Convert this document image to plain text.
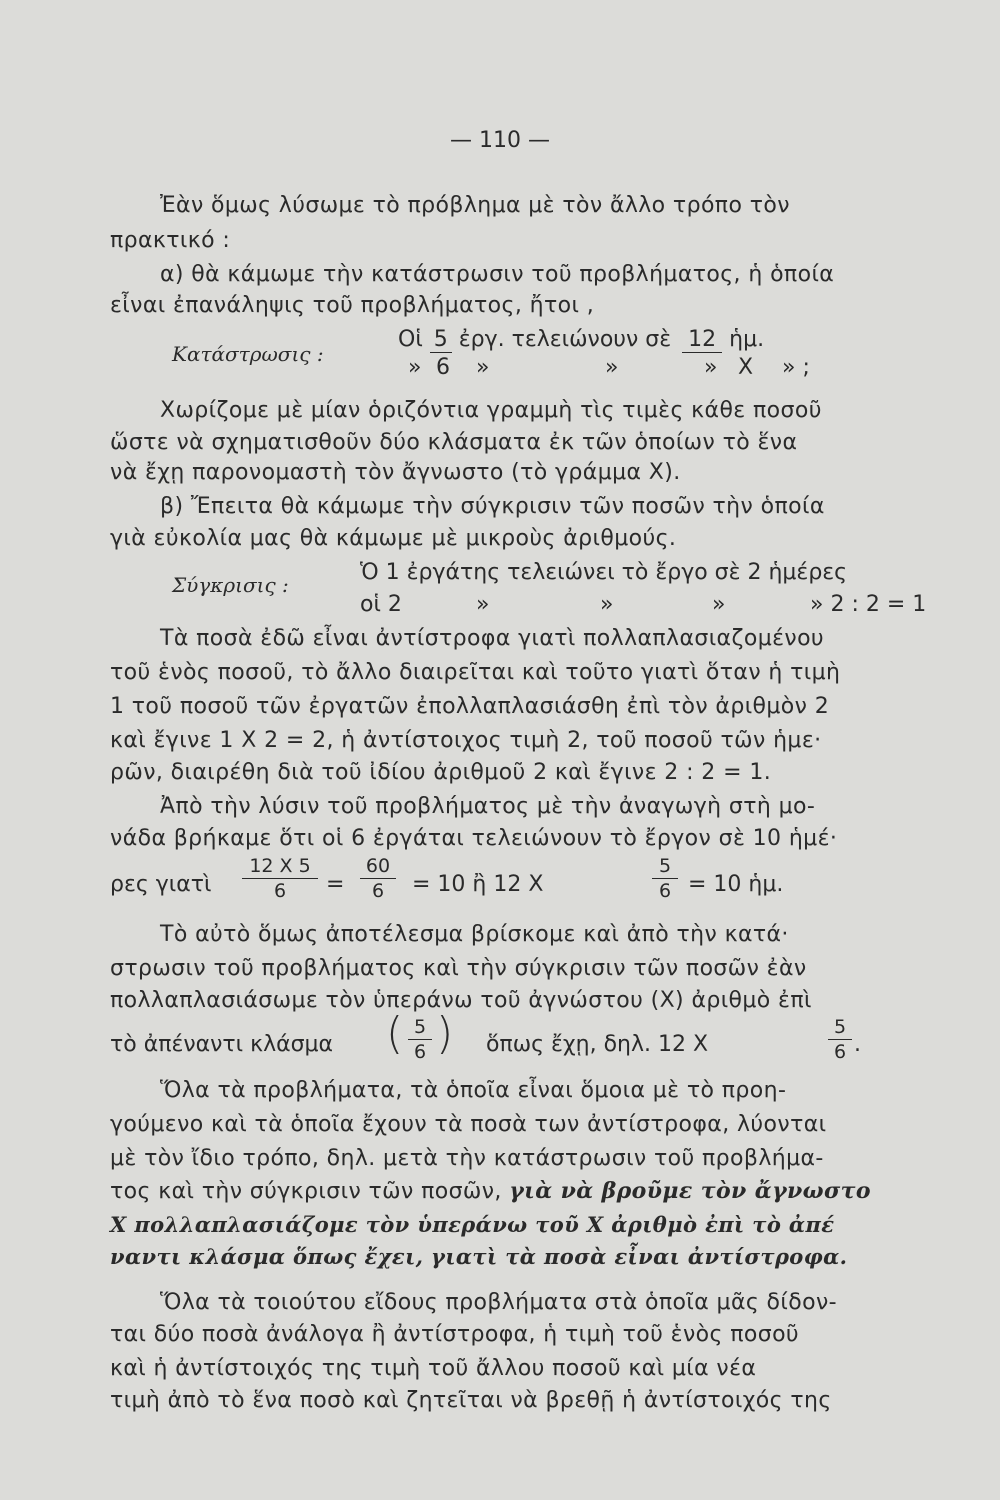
— 110 —
Ἐὰν ὅμως λύσωμε τὸ πρόβλημα μὲ τὸν ἄλλο τρόπο τὸν
πρακτικό :
α) θὰ κάμωμε τὴν κατάστρωσιν τοῦ προβλήματος, ἡ ὁποία
εἶναι ἐπανάληψις τοῦ προβλήματος, ἤτοι ,
Κατάστρωσις :
Οἱ 5 ἐργ. τελειώνουν σὲ 12 ἡμ.
» 6 »	»	» Χ » ;
Χωρίζομε μὲ μίαν ὁριζόντια γραμμὴ τὶς τιμὲς κάθε ποσοῦ
ὥστε νὰ σχηματισθοῦν δύο κλάσματα ἐκ τῶν ὁποίων τὸ ἕνα
νὰ ἔχῃ παρονομαστὴ τὸν ἄγνωστο (τὸ γράμμα Χ).
β) Ἔπειτα θὰ κάμωμε τὴν σύγκρισιν τῶν ποσῶν τὴν ὁποία
γιὰ εὐκολία μας θὰ κάμωμε μὲ μικροὺς ἀριθμούς.
Σύγκρισις :	Ὁ 1 ἐργάτης τελειώνει τὸ ἔργο σὲ 2 ἡμέρες
οἱ 2	»	»	»	» 2 : 2 = 1
Τὰ ποσὰ ἐδῶ εἶναι ἀντίστροφα γιατὶ πολλαπλασιαζομένου
τοῦ ἑνὸς ποσοῦ, τὸ ἄλλο διαιρεῖται καὶ τοῦτο γιατὶ ὅταν ἡ τιμὴ
1 τοῦ ποσοῦ τῶν ἐργατῶν ἐπολλαπλασιάσθη ἐπὶ τὸν ἀριθμὸν 2
καὶ ἔγινε 1 Χ 2 = 2, ἡ ἀντίστοιχος τιμὴ 2, τοῦ ποσοῦ τῶν ἡμε·
ρῶν, διαιρέθη διὰ τοῦ ἰδίου ἀριθμοῦ 2 καὶ ἔγινε 2 : 2 = 1.
Ἀπὸ τὴν λύσιν τοῦ προβλήματος μὲ τὴν ἀναγωγὴ στὴ μο-
νάδα βρήκαμε ὅτι οἱ 6 ἐργάται τελειώνουν τὸ ἔργον σὲ 10 ἡμέ·
ρες γιατὶ
12 Χ 5
6	=
60
6	= 10 ἢ 12 Χ
5
6 = 10 ἡμ.
Τὸ αὐτὸ ὅμως ἀποτέλεσμα βρίσκομε καὶ ἀπὸ τὴν κατά·
στρωσιν τοῦ προβλήματος καὶ τὴν σύγκρισιν τῶν ποσῶν ἐὰν
πολλαπλασιάσωμε τὸν ὑπεράνω τοῦ ἀγνώστου (Χ) ἀριθμὸ ἐπὶ
τὸ ἀπέναντι κλάσμα ( 5
6 ) ὅπως ἔχῃ, δηλ. 12 Χ
5
6 .
Ὅλα τὰ προβλήματα, τὰ ὁποῖα εἶναι ὅμοια μὲ τὸ προη-
γούμενο καὶ τὰ ὁποῖα ἔχουν τὰ ποσὰ των ἀντίστροφα, λύονται
μὲ τὸν ἴδιο τρόπο, δηλ. μετὰ τὴν κατάστρωσιν τοῦ προβλήμα-
τος καὶ τὴν σύγκρισιν τῶν ποσῶν, γιὰ νὰ βροῦμε τὸν ἄγνωστο
Χ πολλαπλασιάζομε τὸν ὑπεράνω τοῦ Χ ἀριθμὸ ἐπὶ τὸ ἀπέ
ναντι κλάσμα ὅπως ἔχει, γιατὶ τὰ ποσὰ εἶναι ἀντίστροφα.
Ὅλα τὰ τοιούτου εἴδους προβλήματα στὰ ὁποῖα μᾶς δίδον-
ται δύο ποσὰ ἀνάλογα ἢ ἀντίστροφα, ἡ τιμὴ τοῦ ἑνὸς ποσοῦ
καὶ ἡ ἀντίστοιχός της τιμὴ τοῦ ἄλλου ποσοῦ καὶ μία νέα
τιμὴ ἀπὸ τὸ ἕνα ποσὸ καὶ ζητεῖται νὰ βρεθῇ ἡ ἀντίστοιχός της
